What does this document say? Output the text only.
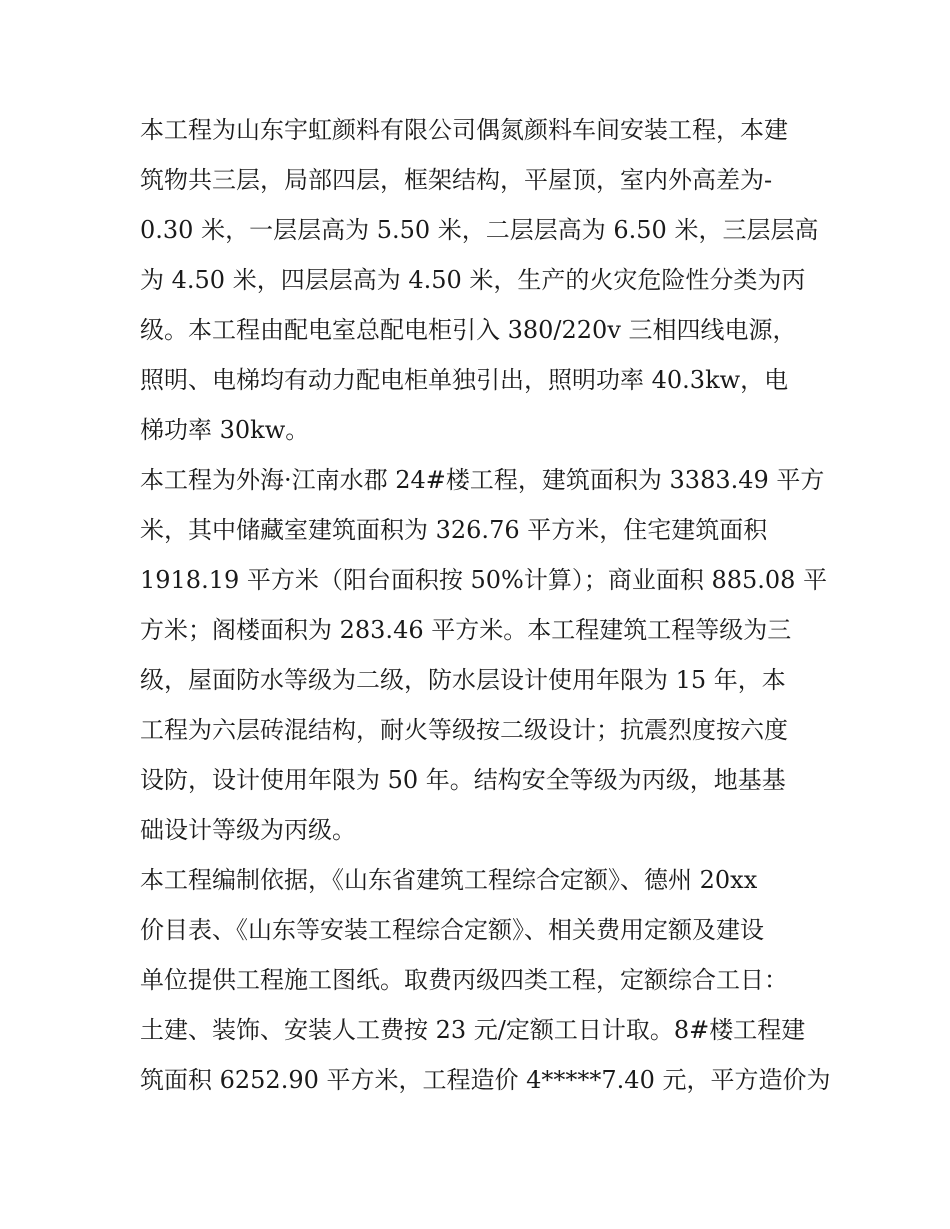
本工程为山东宇虹颜料有限公司偶氮颜料车间安装工程，本建
筑物共三层，局部四层，框架结构，平屋顶，室内外高差为-
0.30 米，一层层高为 5.50 米，二层层高为 6.50 米，三层层高
为 4.50 米，四层层高为 4.50 米，生产的火灾危险性分类为丙
级。本工程由配电室总配电柜引入 380/220v 三相四线电源，
照明、电梯均有动力配电柜单独引出，照明功率 40.3kw，电
梯功率 30kw。
本工程为外海·江南水郡 24#楼工程，建筑面积为 3383.49 平方
米，其中储藏室建筑面积为 326.76 平方米，住宅建筑面积
1918.19 平方米（阳台面积按 50%计算）；商业面积 885.08 平
方米；阁楼面积为 283.46 平方米。本工程建筑工程等级为三
级，屋面防水等级为二级，防水层设计使用年限为 15 年，本
工程为六层砖混结构，耐火等级按二级设计；抗震烈度按六度
设防，设计使用年限为 50 年。结构安全等级为丙级，地基基
础设计等级为丙级。
本工程编制依据，《山东省建筑工程综合定额》、德州 20xx
价目表、《山东等安装工程综合定额》、相关费用定额及建设
单位提供工程施工图纸。取费丙级四类工程，定额综合工日：
土建、装饰、安装人工费按 23 元/定额工日计取。8#楼工程建
筑面积 6252.90 平方米，工程造价 4*****7.40 元，平方造价为
